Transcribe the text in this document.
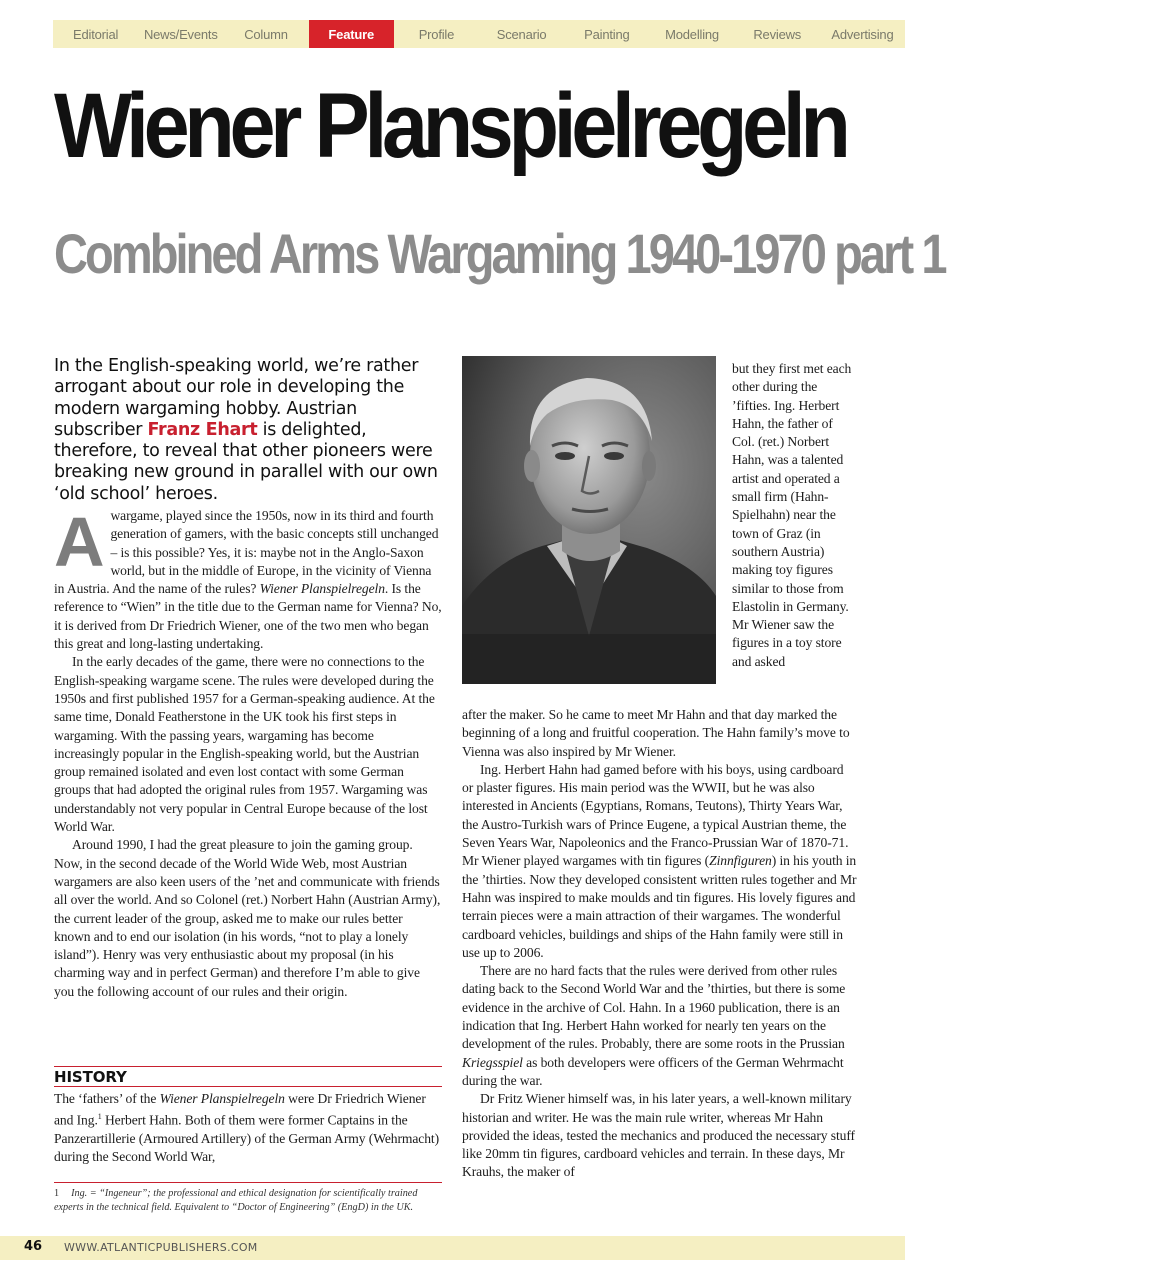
Editorial	News/Events	Column	Feature	Profile	Scenario	Painting	Modelling	Reviews	Advertising
Wiener Planspielregeln
Combined Arms Wargaming 1940-1970 part 1
In the English-speaking world, we’re rather arrogant about our role in developing the modern wargaming hobby. Austrian subscriber Franz Ehart is delighted, therefore, to reveal that other pioneers were breaking new ground in parallel with our own ‘old school’ heroes.

Awargame, played since the 1950s, now in its third and fourth generation of gamers, with the basic concepts still unchanged – is this possible? Yes, it is: maybe not in the Anglo-Saxon world, but in the middle of Europe, in the vicinity of Vienna in Austria. And the name of the rules? Wiener Planspielregeln. Is the reference to “Wien” in the title due to the German name for Vienna? No, it is derived from Dr Friedrich Wiener, one of the two men who began this great and long-lasting undertaking.

In the early decades of the game, there were no connections to the English-speaking wargame scene. The rules were developed during the 1950s and first published 1957 for a German-speaking audience. At the same time, Donald Featherstone in the UK took his first steps in wargaming. With the passing years, wargaming has become increasingly popular in the English-speaking world, but the Austrian group remained isolated and even lost contact with some German groups that had adopted the original rules from 1957. Wargaming was understandably not very popular in Central Europe because of the lost World War.

Around 1990, I had the great pleasure to join the gaming group. Now, in the second decade of the World Wide Web, most Austrian wargamers are also keen users of the ’net and communicate with friends all over the world. And so Colonel (ret.) Norbert Hahn (Austrian Army), the current leader of the group, asked me to make our rules better known and to end our isolation (in his words, “not to play a lonely island”). Henry was very enthusiastic about my proposal (in his charming way and in perfect German) and therefore I’m able to give you the following account of our rules and their origin.

HISTORY

The ‘fathers’ of the Wiener Planspielregeln were Dr Friedrich Wiener and Ing.$^1$ Herbert Hahn. Both of them were former Captains in the Panzerartillerie (Armoured Artillery) of the German Army (Wehrmacht) during the Second World War,

1 Ing. = “Ingeneur”; the professional and ethical designation for scientifically trained experts in the technical field. Equivalent to “Doctor of Engineering” (EngD) in the UK.
Ing. Herbert ‘Pappa’ Hahn, one of the two developers of the rules.

but they first met each other during the ’fifties. Ing. Herbert Hahn, the father of Col. (ret.) Norbert Hahn, was a talented artist and operated a small firm (Hahn-Spielhahn) near the town of Graz (in southern Austria) making toy figures similar to those from Elastolin in Germany. Mr Wiener saw the figures in a toy store and asked

after the maker. So he came to meet Mr Hahn and that day marked the beginning of a long and fruitful cooperation. The Hahn family’s move to Vienna was also inspired by Mr Wiener.

Ing. Herbert Hahn had gamed before with his boys, using cardboard or plaster figures. His main period was the WWII, but he was also interested in Ancients (Egyptians, Romans, Teutons), Thirty Years War, the Austro-Turkish wars of Prince Eugene, a typical Austrian theme, the Seven Years War, Napoleonics and the Franco-Prussian War of 1870-71. Mr Wiener played wargames with tin figures (Zinnfiguren) in his youth in the ’thirties. Now they developed consistent written rules together and Mr Hahn was inspired to make moulds and tin figures. His lovely figures and terrain pieces were a main attraction of their wargames. The wonderful cardboard vehicles, buildings and ships of the Hahn family were still in use up to 2006.

There are no hard facts that the rules were derived from other rules dating back to the Second World War and the ’thirties, but there is some evidence in the archive of Col. Hahn. In a 1960 publication, there is an indication that Ing. Herbert Hahn worked for nearly ten years on the development of the rules. Probably, there are some roots in the Prussian Kriegsspiel as both developers were officers of the German Wehrmacht during the war.

Dr Fritz Wiener himself was, in his later years, a well-known military historian and writer. He was the main rule writer, whereas Mr Hahn provided the ideas, tested the mechanics and produced the necessary stuff like 20mm tin figures, cardboard vehicles and terrain. In these days, Mr Krauhs, the maker of

46 WWW.ATLANTICPUBLISHERS.COM
